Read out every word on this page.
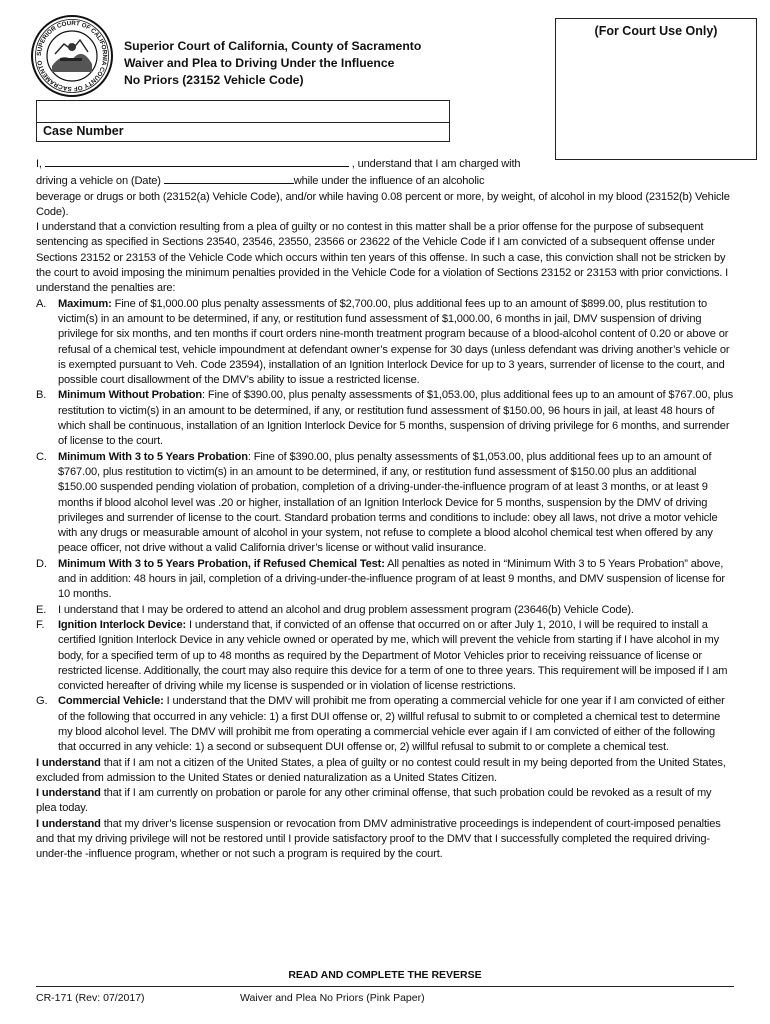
SUPERIOR COURT OF CALIFORNIA COUNTY OF SACRAMENTO
Superior Court of California, County of Sacramento
Waiver and Plea to Driving Under the Influence
No Priors (23152 Vehicle Code)
(For Court Use Only)
Case Number

I,	, understand that I am charged with

driving a vehicle on (Date)	while under the influence of an alcoholic

beverage or drugs or both (23152(a) Vehicle Code), and/or while having 0.08 percent or more, by weight, of alcohol in my blood (23152(b) Vehicle Code).

I understand that a conviction resulting from a plea of guilty or no contest in this matter shall be a prior offense for the purpose of subsequent sentencing as specified in Sections 23540, 23546, 23550, 23566 or 23622 of the Vehicle Code if I am convicted of a subsequent offense under Sections 23152 or 23153 of the Vehicle Code which occurs within ten years of this offense. In such a case, this conviction shall not be stricken by the court to avoid imposing the minimum penalties provided in the Vehicle Code for a violation of Sections 23152 or 23153 with prior convictions. I understand the penalties are:

A.	Maximum: Fine of $1,000.00 plus penalty assessments of $2,700.00, plus additional fees up to an amount of $899.00, plus restitution to victim(s) in an amount to be determined, if any, or restitution fund assessment of $1,000.00, 6 months in jail, DMV suspension of driving privilege for six months, and ten months if court orders nine-month treatment program because of a blood-alcohol content of 0.20 or above or refusal of a chemical test, vehicle impoundment at defendant owner’s expense for 30 days (unless defendant was driving another’s vehicle or is exempted pursuant to Veh. Code 23594), installation of an Ignition Interlock Device for up to 3 years, surrender of license to the court, and possible court disallowment of the DMV’s ability to issue a restricted license.
B.	Minimum Without Probation: Fine of $390.00, plus penalty assessments of $1,053.00, plus additional fees up to an amount of $767.00, plus restitution to victim(s) in an amount to be determined, if any, or restitution fund assessment of $150.00, 96 hours in jail, at least 48 hours of which shall be continuous, installation of an Ignition Interlock Device for 5 months, suspension of driving privilege for 6 months, and surrender of license to the court.
C.	Minimum With 3 to 5 Years Probation: Fine of $390.00, plus penalty assessments of $1,053.00, plus additional fees up to an amount of $767.00, plus restitution to victim(s) in an amount to be determined, if any, or restitution fund assessment of $150.00 plus an additional $150.00 suspended pending violation of probation, completion of a driving-under-the-influence program of at least 3 months, or at least 9 months if blood alcohol level was .20 or higher, installation of an Ignition Interlock Device for 5 months, suspension by the DMV of driving privileges and surrender of license to the court. Standard probation terms and conditions to include: obey all laws, not drive a motor vehicle with any drugs or measurable amount of alcohol in your system, not refuse to complete a blood alcohol chemical test when offered by any peace officer, not drive without a valid California driver’s license or without valid insurance.
D.	Minimum With 3 to 5 Years Probation, if Refused Chemical Test: All penalties as noted in “Minimum With 3 to 5 Years Probation” above, and in addition: 48 hours in jail, completion of a driving-under-the-influence program of at least 9 months, and DMV suspension of license for 10 months.
E.	I understand that I may be ordered to attend an alcohol and drug problem assessment program (23646(b) Vehicle Code).
F.	Ignition Interlock Device: I understand that, if convicted of an offense that occurred on or after July 1, 2010, I will be required to install a certified Ignition Interlock Device in any vehicle owned or operated by me, which will prevent the vehicle from starting if I have alcohol in my body, for a specified term of up to 48 months as required by the Department of Motor Vehicles prior to receiving reissuance of license or restricted license. Additionally, the court may also require this device for a term of one to three years. This requirement will be imposed if I am convicted hereafter of driving while my license is suspended or in violation of license restrictions.
G. Commercial Vehicle: I understand that the DMV will prohibit me from operating a commercial vehicle for one year if I am convicted of either of the following that occurred in any vehicle: 1) a first DUI offense or, 2) willful refusal to submit to or completed a chemical test to determine my blood alcohol level. The DMV will prohibit me from operating a commercial vehicle ever again if I am convicted of either of the following that occurred in any vehicle: 1) a second or subsequent DUI offense or, 2) willful refusal to submit to or complete a chemical test.

I understand that if I am not a citizen of the United States, a plea of guilty or no contest could result in my being deported from the United States, excluded from admission to the United States or denied naturalization as a United States Citizen.

I understand that if I am currently on probation or parole for any other criminal offense, that such probation could be revoked as a result of my plea today.

I understand that my driver’s license suspension or revocation from DMV administrative proceedings is independent of court-imposed penalties and that my driving privilege will not be restored until I provide satisfactory proof to the DMV that I successfully completed the required driving-under-the -influence program, whether or not such a program is required by the court.

READ AND COMPLETE THE REVERSE
CR-171 (Rev: 07/2017)	Waiver and Plea No Priors (Pink Paper)
